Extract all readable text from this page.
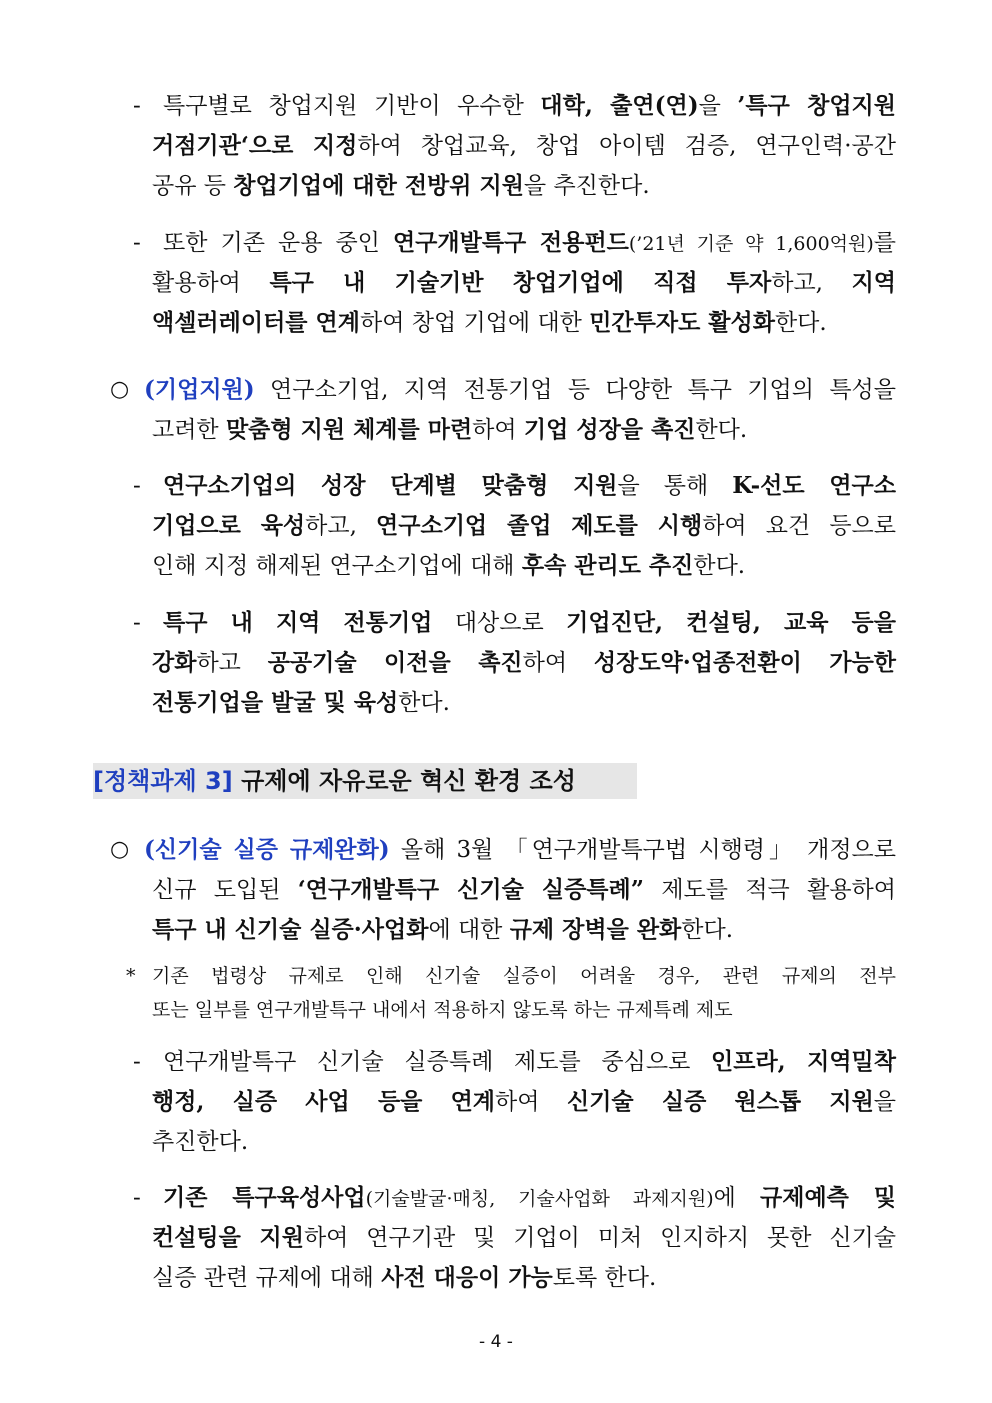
- 특구별로 창업지원 기반이 우수한 대학, 출연(연)을 ’특구 창업지원
거점기관‘으로 지정하여 창업교육, 창업 아이템 검증, 연구인력·공간
공유 등 창업기업에 대한 전방위 지원을 추진한다.
- 또한 기존 운용 중인 연구개발특구 전용펀드(’21년 기준 약 1,600억원)를
활용하여 특구 내 기술기반 창업기업에 직접 투자하고, 지역
액셀러레이터를 연계하여 창업 기업에 대한 민간투자도 활성화한다.
○ (기업지원) 연구소기업, 지역 전통기업 등 다양한 특구 기업의 특성을
고려한 맞춤형 지원 체계를 마련하여 기업 성장을 촉진한다.
- 연구소기업의 성장 단계별 맞춤형 지원을 통해 K-선도 연구소
기업으로 육성하고, 연구소기업 졸업 제도를 시행하여 요건 등으로
인해 지정 해제된 연구소기업에 대해 후속 관리도 추진한다.
- 특구 내 지역 전통기업 대상으로 기업진단, 컨설팅, 교육 등을
강화하고 공공기술 이전을 촉진하여 성장도약·업종전환이 가능한
전통기업을 발굴 및 육성한다.
[정책과제 3] 규제에 자유로운 혁신 환경 조성
○ (신기술 실증 규제완화) 올해 3월 「연구개발특구법 시행령」 개정으로
신규 도입된 ‘연구개발특구 신기술 실증특례” 제도를 적극 활용하여
특구 내 신기술 실증·사업화에 대한 규제 장벽을 완화한다.
* 기존 법령상 규제로 인해 신기술 실증이 어려울 경우, 관련 규제의 전부
또는 일부를 연구개발특구 내에서 적용하지 않도록 하는 규제특례 제도
- 연구개발특구 신기술 실증특례 제도를 중심으로 인프라, 지역밀착
행정, 실증 사업 등을 연계하여 신기술 실증 원스톱 지원을
추진한다.
- 기존 특구육성사업(기술발굴·매칭, 기술사업화 과제지원)에 규제예측 및
컨설팅을 지원하여 연구기관 및 기업이 미처 인지하지 못한 신기술
실증 관련 규제에 대해 사전 대응이 가능토록 한다.
- 4 -
